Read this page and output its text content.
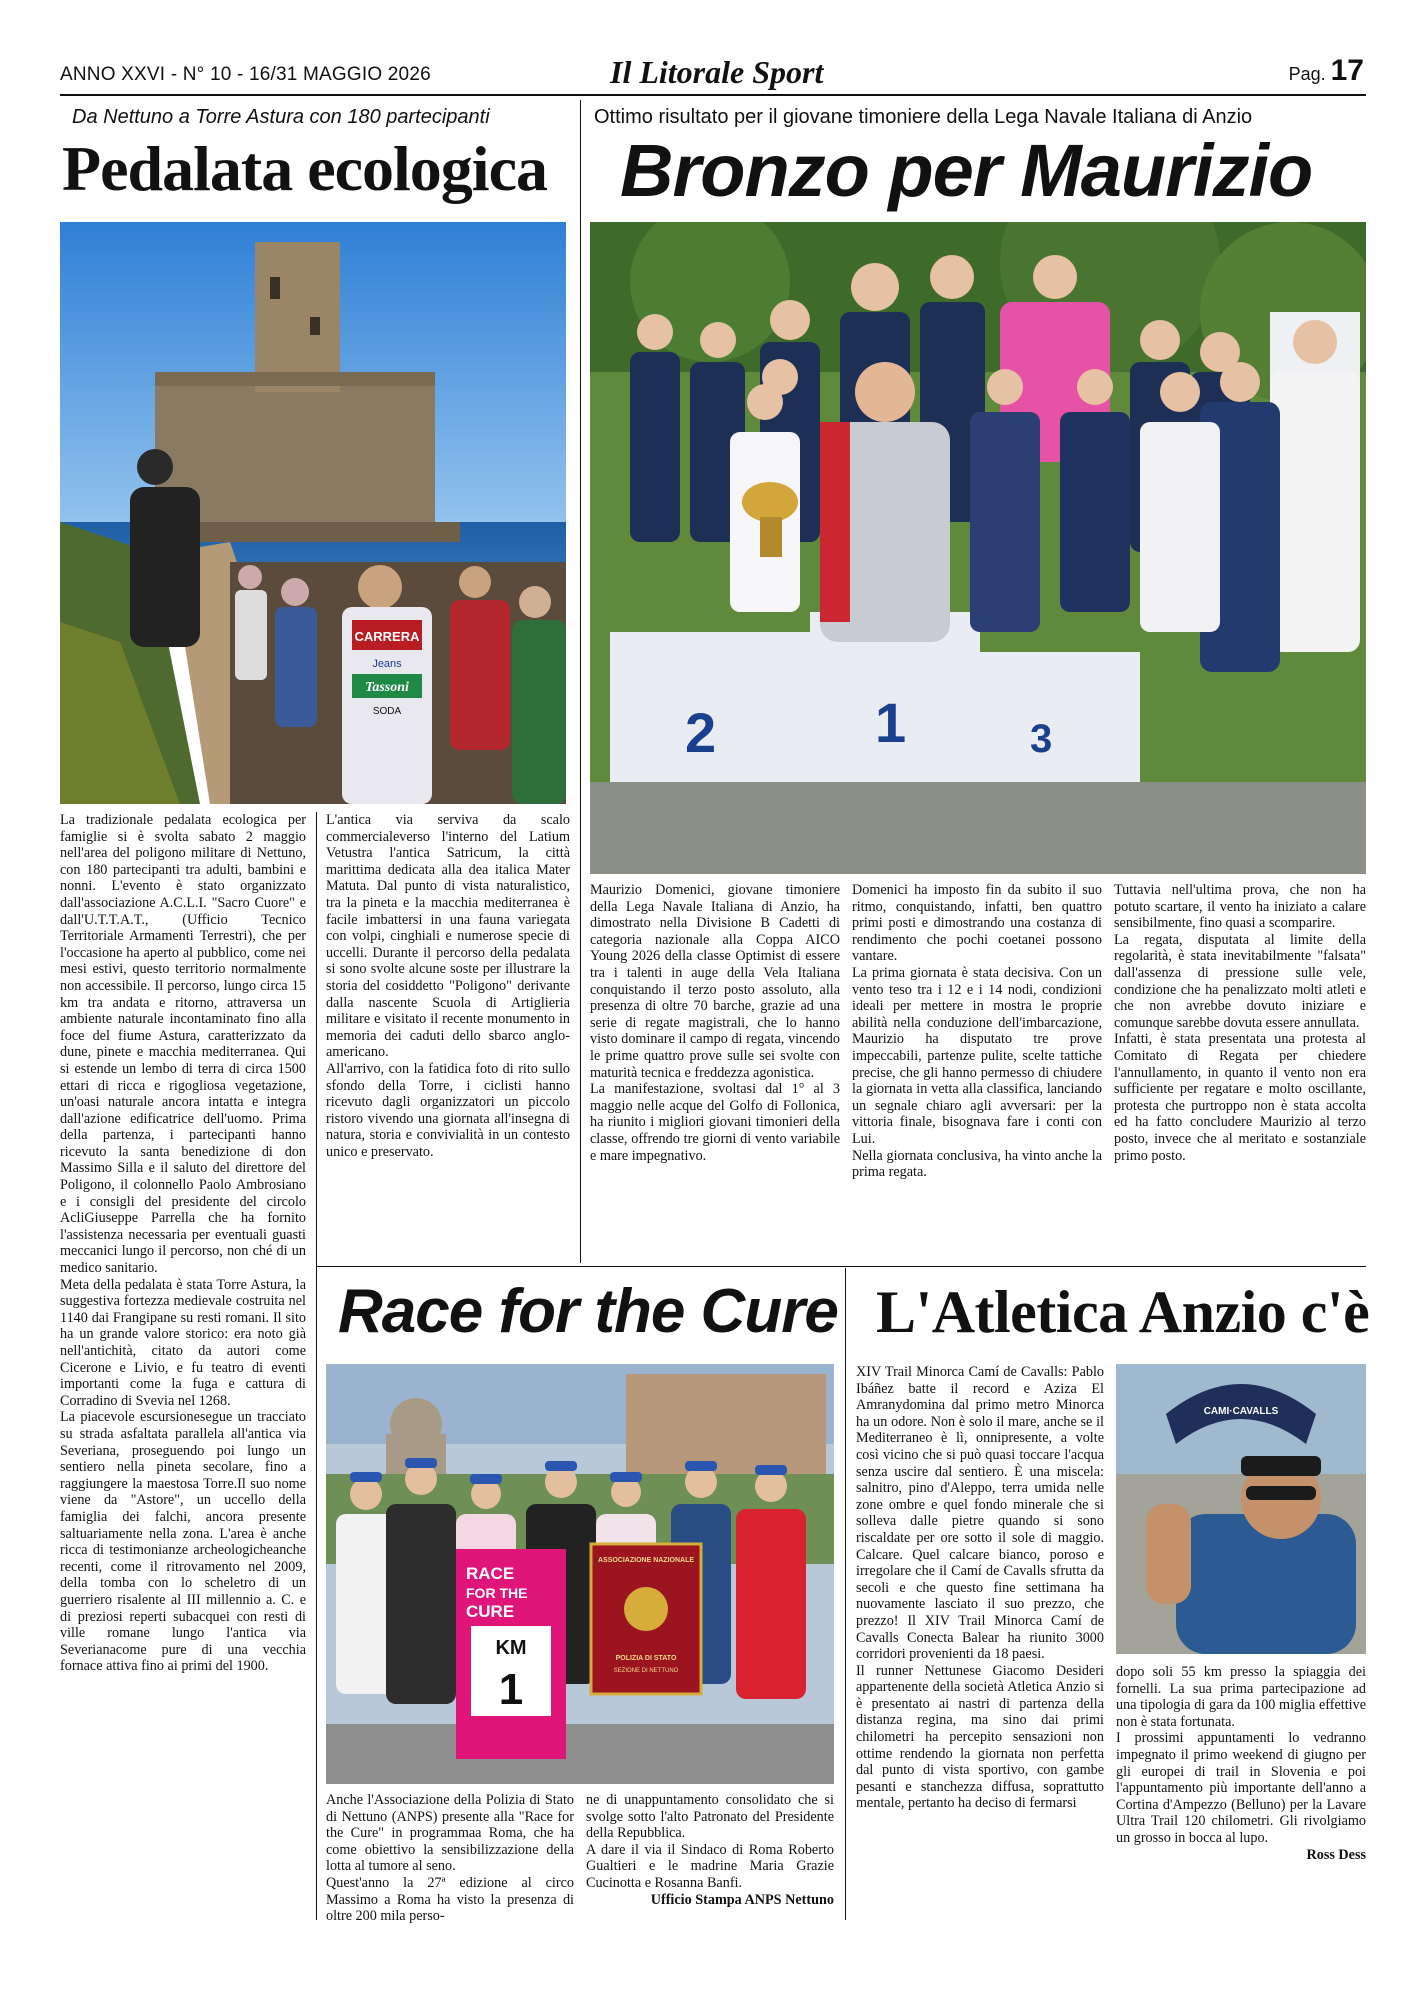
ANNO XXVI - N° 10 - 16/31 MAGGIO 2026	Il Litorale Sport	Pag. 17
Da Nettuno a Torre Astura con 180 partecipanti
Pedalata ecologica
CARRERA
Jeans
Tassoni
SODA

La tradizionale pedalata ecologica per famiglie si è svolta sabato 2 maggio nell'area del poligono militare di Nettuno, con 180 partecipanti tra adulti, bambini e nonni. L'evento è stato organizzato dall'associazione A.C.L.I. "Sacro Cuore" e dall'U.T.T.A.T., (Ufficio Tecnico Territoriale Armamenti Terrestri), che per l'occasione ha aperto al pubblico, come nei mesi estivi, questo territorio normalmente non accessibile. Il percorso, lungo circa 15 km tra andata e ritorno, attraversa un ambiente naturale incontaminato fino alla foce del fiume Astura, caratterizzato da dune, pinete e macchia mediterranea. Qui si estende un lembo di terra di circa 1500 ettari di ricca e rigogliosa vegetazione, un'oasi naturale ancora intatta e integra dall'azione edificatrice dell'uomo. Prima della partenza, i partecipanti hanno ricevuto la santa benedizione di don Massimo Silla e il saluto del direttore del Poligono, il colonnello Paolo Ambrosiano e i consigli del presidente del circolo AcliGiuseppe Parrella che ha fornito l'assistenza necessaria per eventuali guasti meccanici lungo il percorso, non ché di un medico sanitario.

Meta della pedalata è stata Torre Astura, la suggestiva fortezza medievale costruita nel 1140 dai Frangipane su resti romani. Il sito ha un grande valore storico: era noto già nell'antichità, citato da autori come Cicerone e Livio, e fu teatro di eventi importanti come la fuga e cattura di Corradino di Svevia nel 1268.

La piacevole escursionesegue un tracciato su strada asfaltata parallela all'antica via Severiana, proseguendo poi lungo un sentiero nella pineta secolare, fino a raggiungere la maestosa Torre.Il suo nome viene da "Astore", un uccello della famiglia dei falchi, ancora presente saltuariamente nella zona. L'area è anche ricca di testimonianze archeologicheanche recenti, come il ritrovamento nel 2009, della tomba con lo scheletro di un guerriero risalente al III millennio a. C. e di preziosi reperti subacquei con resti di ville romane lungo l'antica via Severianacome pure di una vecchia fornace attiva fino ai primi del 1900.

L'antica via serviva da scalo commercialeverso l'interno del Latium Vetustra l'antica Satricum, la città marittima dedicata alla dea italica Mater Matuta. Dal punto di vista naturalistico, tra la pineta e la macchia mediterranea è facile imbattersi in una fauna variegata con volpi, cinghiali e numerose specie di uccelli. Durante il percorso della pedalata si sono svolte alcune soste per illustrare la storia del cosiddetto "Poligono" derivante dalla nascente Scuola di Artiglieria militare e visitato il recente monumento in memoria dei caduti dello sbarco anglo-americano.

All'arrivo, con la fatidica foto di rito sullo sfondo della Torre, i ciclisti hanno ricevuto dagli organizzatori un piccolo ristoro vivendo una giornata all'insegna di natura, storia e convivialità in un contesto unico e preservato.

Ottimo risultato per il giovane timoniere della Lega Navale Italiana di Anzio
Bronzo per Maurizio
2	1	3

Maurizio Domenici, giovane timoniere della Lega Navale Italiana di Anzio, ha dimostrato nella Divisione B Cadetti di categoria nazionale alla Coppa AICO Young 2026 della classe Optimist di essere tra i talenti in auge della Vela Italiana conquistando il terzo posto assoluto, alla presenza di oltre 70 barche, grazie ad una serie di regate magistrali, che lo hanno visto dominare il campo di regata, vincendo le prime quattro prove sulle sei svolte con maturità tecnica e freddezza agonistica.

La manifestazione, svoltasi dal 1° al 3 maggio nelle acque del Golfo di Follonica, ha riunito i migliori giovani timonieri della classe, offrendo tre giorni di vento variabile e mare impegnativo.

Domenici ha imposto fin da subito il suo ritmo, conquistando, infatti, ben quattro primi posti e dimostrando una costanza di rendimento che pochi coetanei possono vantare.

La prima giornata è stata decisiva. Con un vento teso tra i 12 e i 14 nodi, condizioni ideali per mettere in mostra le proprie abilità nella conduzione dell'imbarcazione, Maurizio ha disputato tre prove impeccabili, partenze pulite, scelte tattiche precise, che gli hanno permesso di chiudere la giornata in vetta alla classifica, lanciando un segnale chiaro agli avversari: per la vittoria finale, bisognava fare i conti con Lui.

Nella giornata conclusiva, ha vinto anche la prima regata.

Tuttavia nell'ultima prova, che non ha potuto scartare, il vento ha iniziato a calare sensibilmente, fino quasi a scomparire.

La regata, disputata al limite della regolarità, è stata inevitabilmente "falsata" dall'assenza di pressione sulle vele, condizione che ha penalizzato molti atleti e che non avrebbe dovuto iniziare e comunque sarebbe dovuta essere annullata.

Infatti, è stata presentata una protesta al Comitato di Regata per chiedere l'annullamento, in quanto il vento non era sufficiente per regatare e molto oscillante, protesta che purtroppo non è stata accolta ed ha fatto concludere Maurizio al terzo posto, invece che al meritato e sostanziale primo posto.

Race for the Cure
RACE
FOR THE
CURE
KM
1
ASSOCIAZIONE NAZIONALE
POLIZIA DI STATO
SEZIONE DI NETTUNO

Anche l'Associazione della Polizia di Stato di Nettuno (ANPS) presente alla "Race for the Cure" in programmaa Roma, che ha come obiettivo la sensibilizzazione della lotta al tumore al seno.

Quest'anno la 27ª edizione al circo Massimo a Roma ha visto la presenza di oltre 200 mila perso-

ne di unappuntamento consolidato che si svolge sotto l'alto Patronato del Presidente della Repubblica.

A dare il via il Sindaco di Roma Roberto Gualtieri e le madrine Maria Grazie Cucinotta e Rosanna Banfi.

Ufficio Stampa ANPS Nettuno

L'Atletica Anzio c'è

XIV Trail Minorca Camí de Cavalls: Pablo Ibáñez batte il record e Aziza El Amranydomina dal primo metro Minorca ha un odore. Non è solo il mare, anche se il Mediterraneo è lì, onnipresente, a volte così vicino che si può quasi toccare l'acqua senza uscire dal sentiero. È una miscela: salnitro, pino d'Aleppo, terra umida nelle zone ombre e quel fondo minerale che si solleva dalle pietre quando si sono riscaldate per ore sotto il sole di maggio. Calcare. Quel calcare bianco, poroso e irregolare che il Camí de Cavalls sfrutta da secoli e che questo fine settimana ha nuovamente lasciato il suo prezzo, che prezzo! Il XIV Trail Minorca Camí de Cavalls Conecta Balear ha riunito 3000 corridori provenienti da 18 paesi.

Il runner Nettunese Giacomo Desideri appartenente della società Atletica Anzio si è presentato ai nastri di partenza della distanza regina, ma sino dai primi chilometri ha percepito sensazioni non ottime rendendo la giornata non perfetta dal punto di vista sportivo, con gambe pesanti e stanchezza diffusa, soprattutto mentale, pertanto ha deciso di fermarsi

CAMI·CAVALLS

dopo soli 55 km presso la spiaggia dei fornelli. La sua prima partecipazione ad una tipologia di gara da 100 miglia effettive non è stata fortunata.

I prossimi appuntamenti lo vedranno impegnato il primo weekend di giugno per gli europei di trail in Slovenia e poi l'appuntamento più importante dell'anno a Cortina d'Ampezzo (Belluno) per la Lavare Ultra Trail 120 chilometri. Gli rivolgiamo un grosso in bocca al lupo.

Ross Dess
